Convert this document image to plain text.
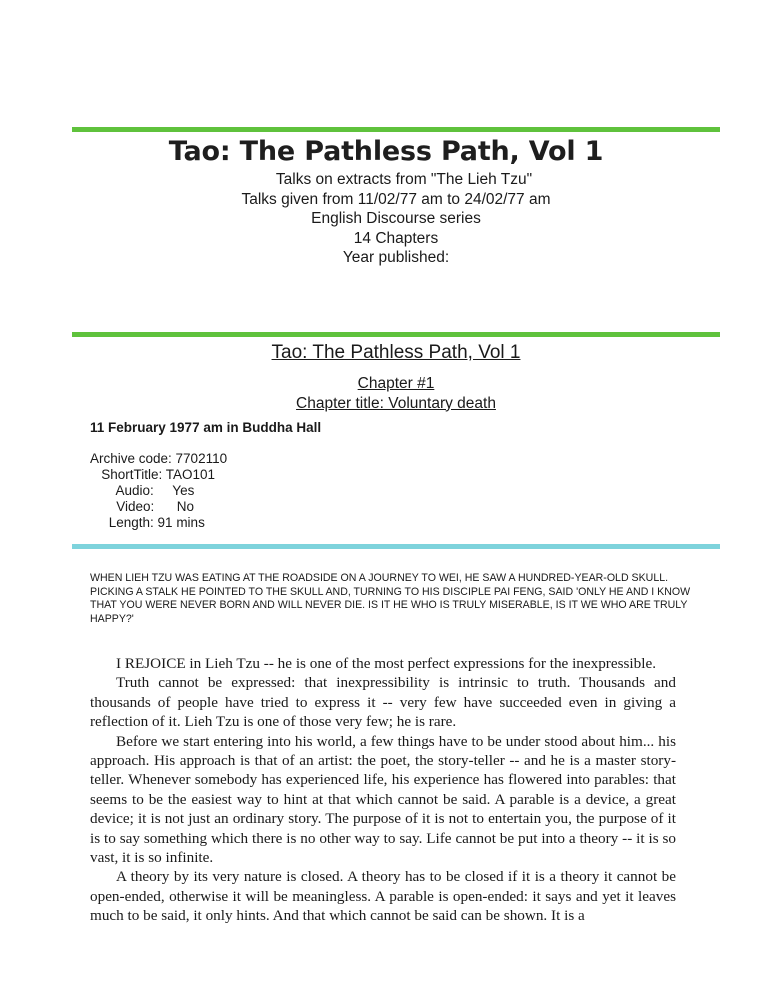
Tao: The Pathless Path, Vol 1
Talks on extracts from "The Lieh Tzu"
Talks given from 11/02/77 am to 24/02/77 am
English Discourse series
14 Chapters
Year published:
Tao: The Pathless Path, Vol 1
Chapter #1
Chapter title: Voluntary death
11 February 1977 am in Buddha Hall
Archive code: 7702110
ShortTitle: TAO101
Audio:     Yes
Video:      No
Length: 91 mins
WHEN LIEH TZU WAS EATING AT THE ROADSIDE ON A JOURNEY TO WEI, HE SAW A HUNDRED-YEAR-OLD SKULL. PICKING A STALK HE POINTED TO THE SKULL AND, TURNING TO HIS DISCIPLE PAI FENG, SAID 'ONLY HE AND I KNOW THAT YOU WERE NEVER BORN AND WILL NEVER DIE. IS IT HE WHO IS TRULY MISERABLE, IS IT WE WHO ARE TRULY HAPPY?'

I REJOICE in Lieh Tzu -- he is one of the most perfect expressions for the inexpressible.

Truth cannot be expressed: that inexpressibility is intrinsic to truth. Thousands and thousands of people have tried to express it -- very few have succeeded even in giving a reflection of it. Lieh Tzu is one of those very few; he is rare.

Before we start entering into his world, a few things have to be under stood about him... his approach. His approach is that of an artist: the poet, the story-teller -- and he is a master story-teller. Whenever somebody has experienced life, his experience has flowered into parables: that seems to be the easiest way to hint at that which cannot be said. A parable is a device, a great device; it is not just an ordinary story. The purpose of it is not to entertain you, the purpose of it is to say something which there is no other way to say. Life cannot be put into a theory -- it is so vast, it is so infinite.

A theory by its very nature is closed. A theory has to be closed if it is a theory it cannot be open-ended, otherwise it will be meaningless. A parable is open-ended: it says and yet it leaves much to be said, it only hints. And that which cannot be said can be shown. It is a
